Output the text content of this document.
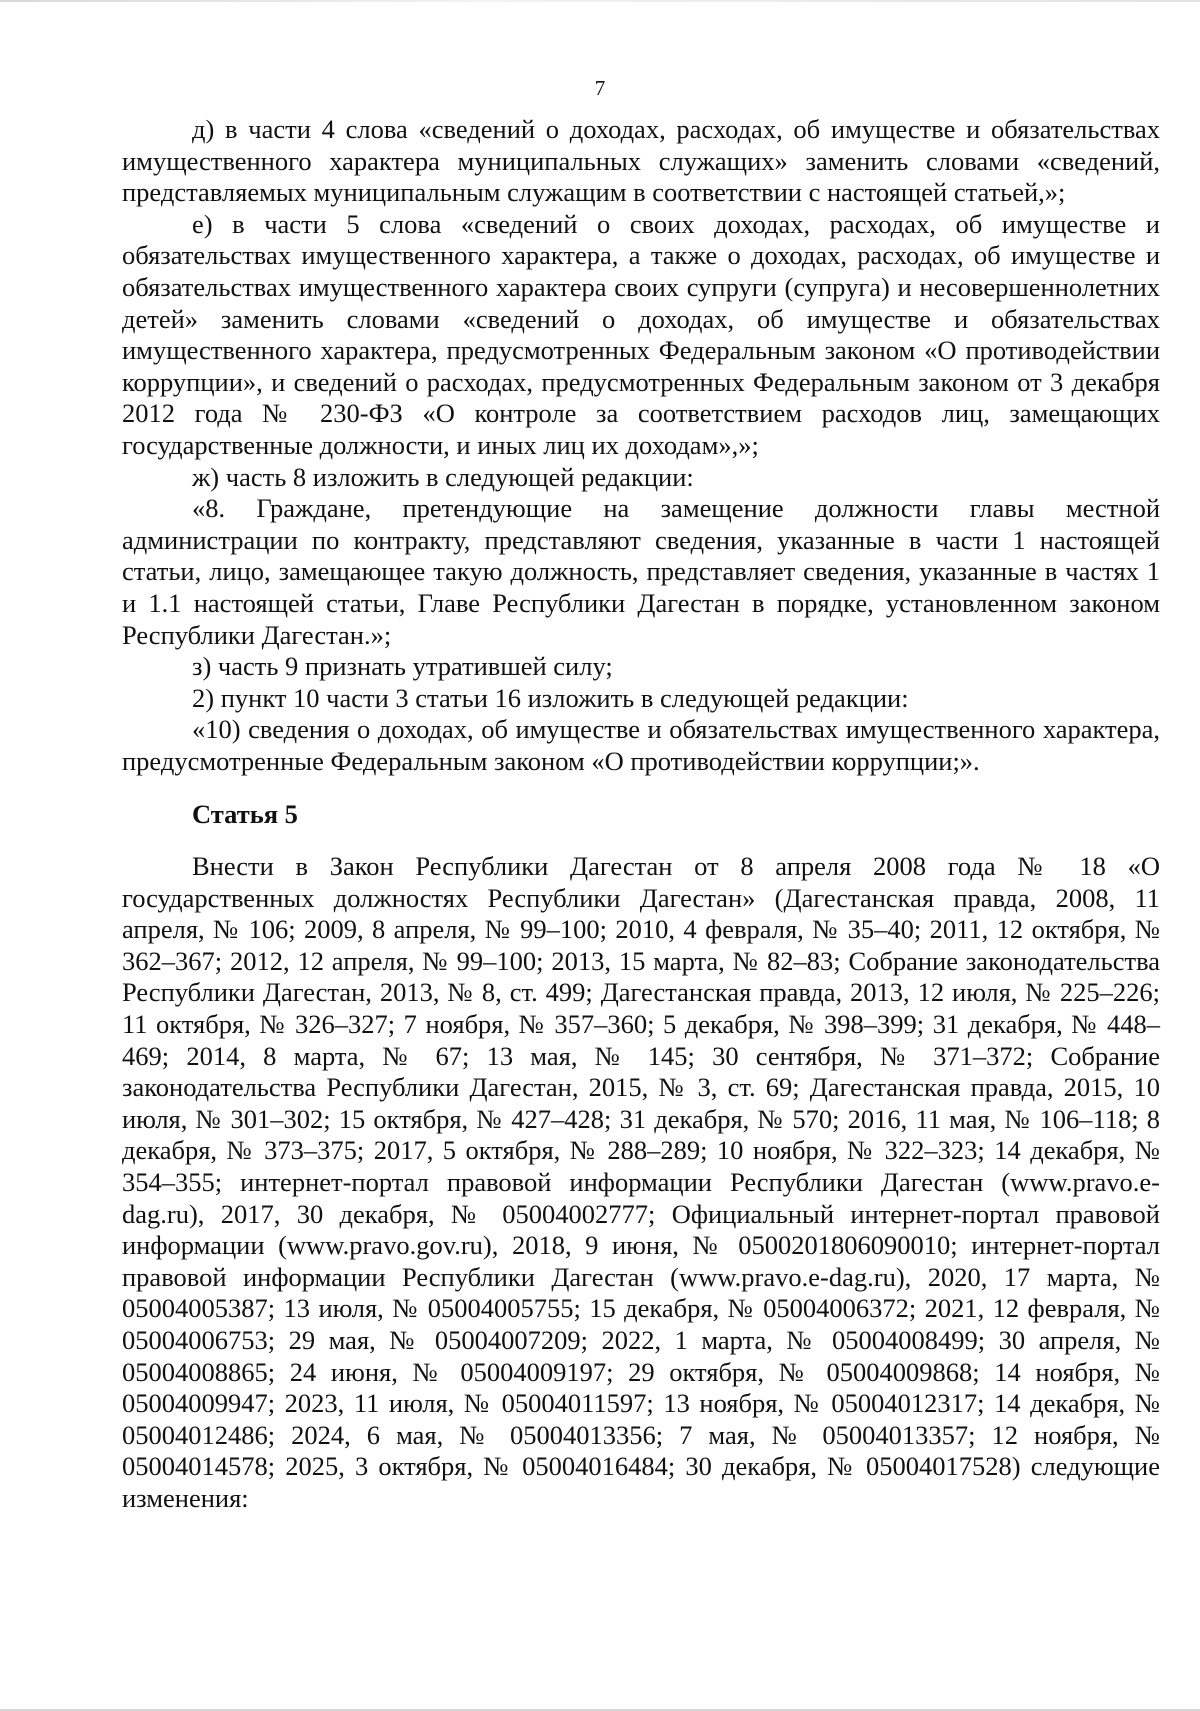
7

д) в части 4 слова «сведений о доходах, расходах, об имуществе и обязательствах имущественного характера муниципальных служащих» заменить словами «сведений, представляемых муниципальным служащим в соответствии с настоящей статьей,»;

е) в части 5 слова «сведений о своих доходах, расходах, об имуществе и обязательствах имущественного характера, а также о доходах, расходах, об имуществе и обязательствах имущественного характера своих супруги (супруга) и несовершеннолетних детей» заменить словами «сведений о доходах, об имуществе и обязательствах имущественного характера, предусмотренных Федеральным законом «О противодействии коррупции», и сведений о расходах, предусмотренных Федеральным законом от 3 декабря 2012 года № 230-ФЗ «О контроле за соответствием расходов лиц, замещающих государственные должности, и иных лиц их доходам»,»;

ж) часть 8 изложить в следующей редакции:

«8. Граждане, претендующие на замещение должности главы местной администрации по контракту, представляют сведения, указанные в части 1 настоящей статьи, лицо, замещающее такую должность, представляет сведения, указанные в частях 1 и 1.1 настоящей статьи, Главе Республики Дагестан в порядке, установленном законом Республики Дагестан.»;

з) часть 9 признать утратившей силу;

2) пункт 10 части 3 статьи 16 изложить в следующей редакции:

«10) сведения о доходах, об имуществе и обязательствах имущественного характера, предусмотренные Федеральным законом «О противодействии коррупции;».

Статья 5

Внести в Закон Республики Дагестан от 8 апреля 2008 года № 18 «О государственных должностях Республики Дагестан» (Дагестанская правда, 2008, 11 апреля, № 106; 2009, 8 апреля, № 99–100; 2010, 4 февраля, № 35–40; 2011, 12 октября, № 362–367; 2012, 12 апреля, № 99–100; 2013, 15 марта, № 82–83; Собрание законодательства Республики Дагестан, 2013, № 8, ст. 499; Дагестанская правда, 2013, 12 июля, № 225–226; 11 октября, № 326–327; 7 ноября, № 357–360; 5 декабря, № 398–399; 31 декабря, № 448–469; 2014, 8 марта, № 67; 13 мая, № 145; 30 сентября, № 371–372; Собрание законодательства Республики Дагестан, 2015, № 3, ст. 69; Дагестанская правда, 2015, 10 июля, № 301–302; 15 октября, № 427–428; 31 декабря, № 570; 2016, 11 мая, № 106–118; 8 декабря, № 373–375; 2017, 5 октября, № 288–289; 10 ноября, № 322–323; 14 декабря, № 354–355; интернет-портал правовой информации Республики Дагестан (www.pravo.e-dag.ru), 2017, 30 декабря, № 05004002777; Официальный интернет-портал правовой информации (www.pravo.gov.ru), 2018, 9 июня, № 0500201806090010; интернет-портал правовой информации Республики Дагестан (www.pravo.e-dag.ru), 2020, 17 марта, № 05004005387; 13 июля, № 05004005755; 15 декабря, № 05004006372; 2021, 12 февраля, № 05004006753; 29 мая, № 05004007209; 2022, 1 марта, № 05004008499; 30 апреля, № 05004008865; 24 июня, № 05004009197; 29 октября, № 05004009868; 14 ноября, № 05004009947; 2023, 11 июля, № 05004011597; 13 ноября, № 05004012317; 14 декабря, № 05004012486; 2024, 6 мая, № 05004013356; 7 мая, № 05004013357; 12 ноября, № 05004014578; 2025, 3 октября, № 05004016484; 30 декабря, № 05004017528) следующие изменения:
